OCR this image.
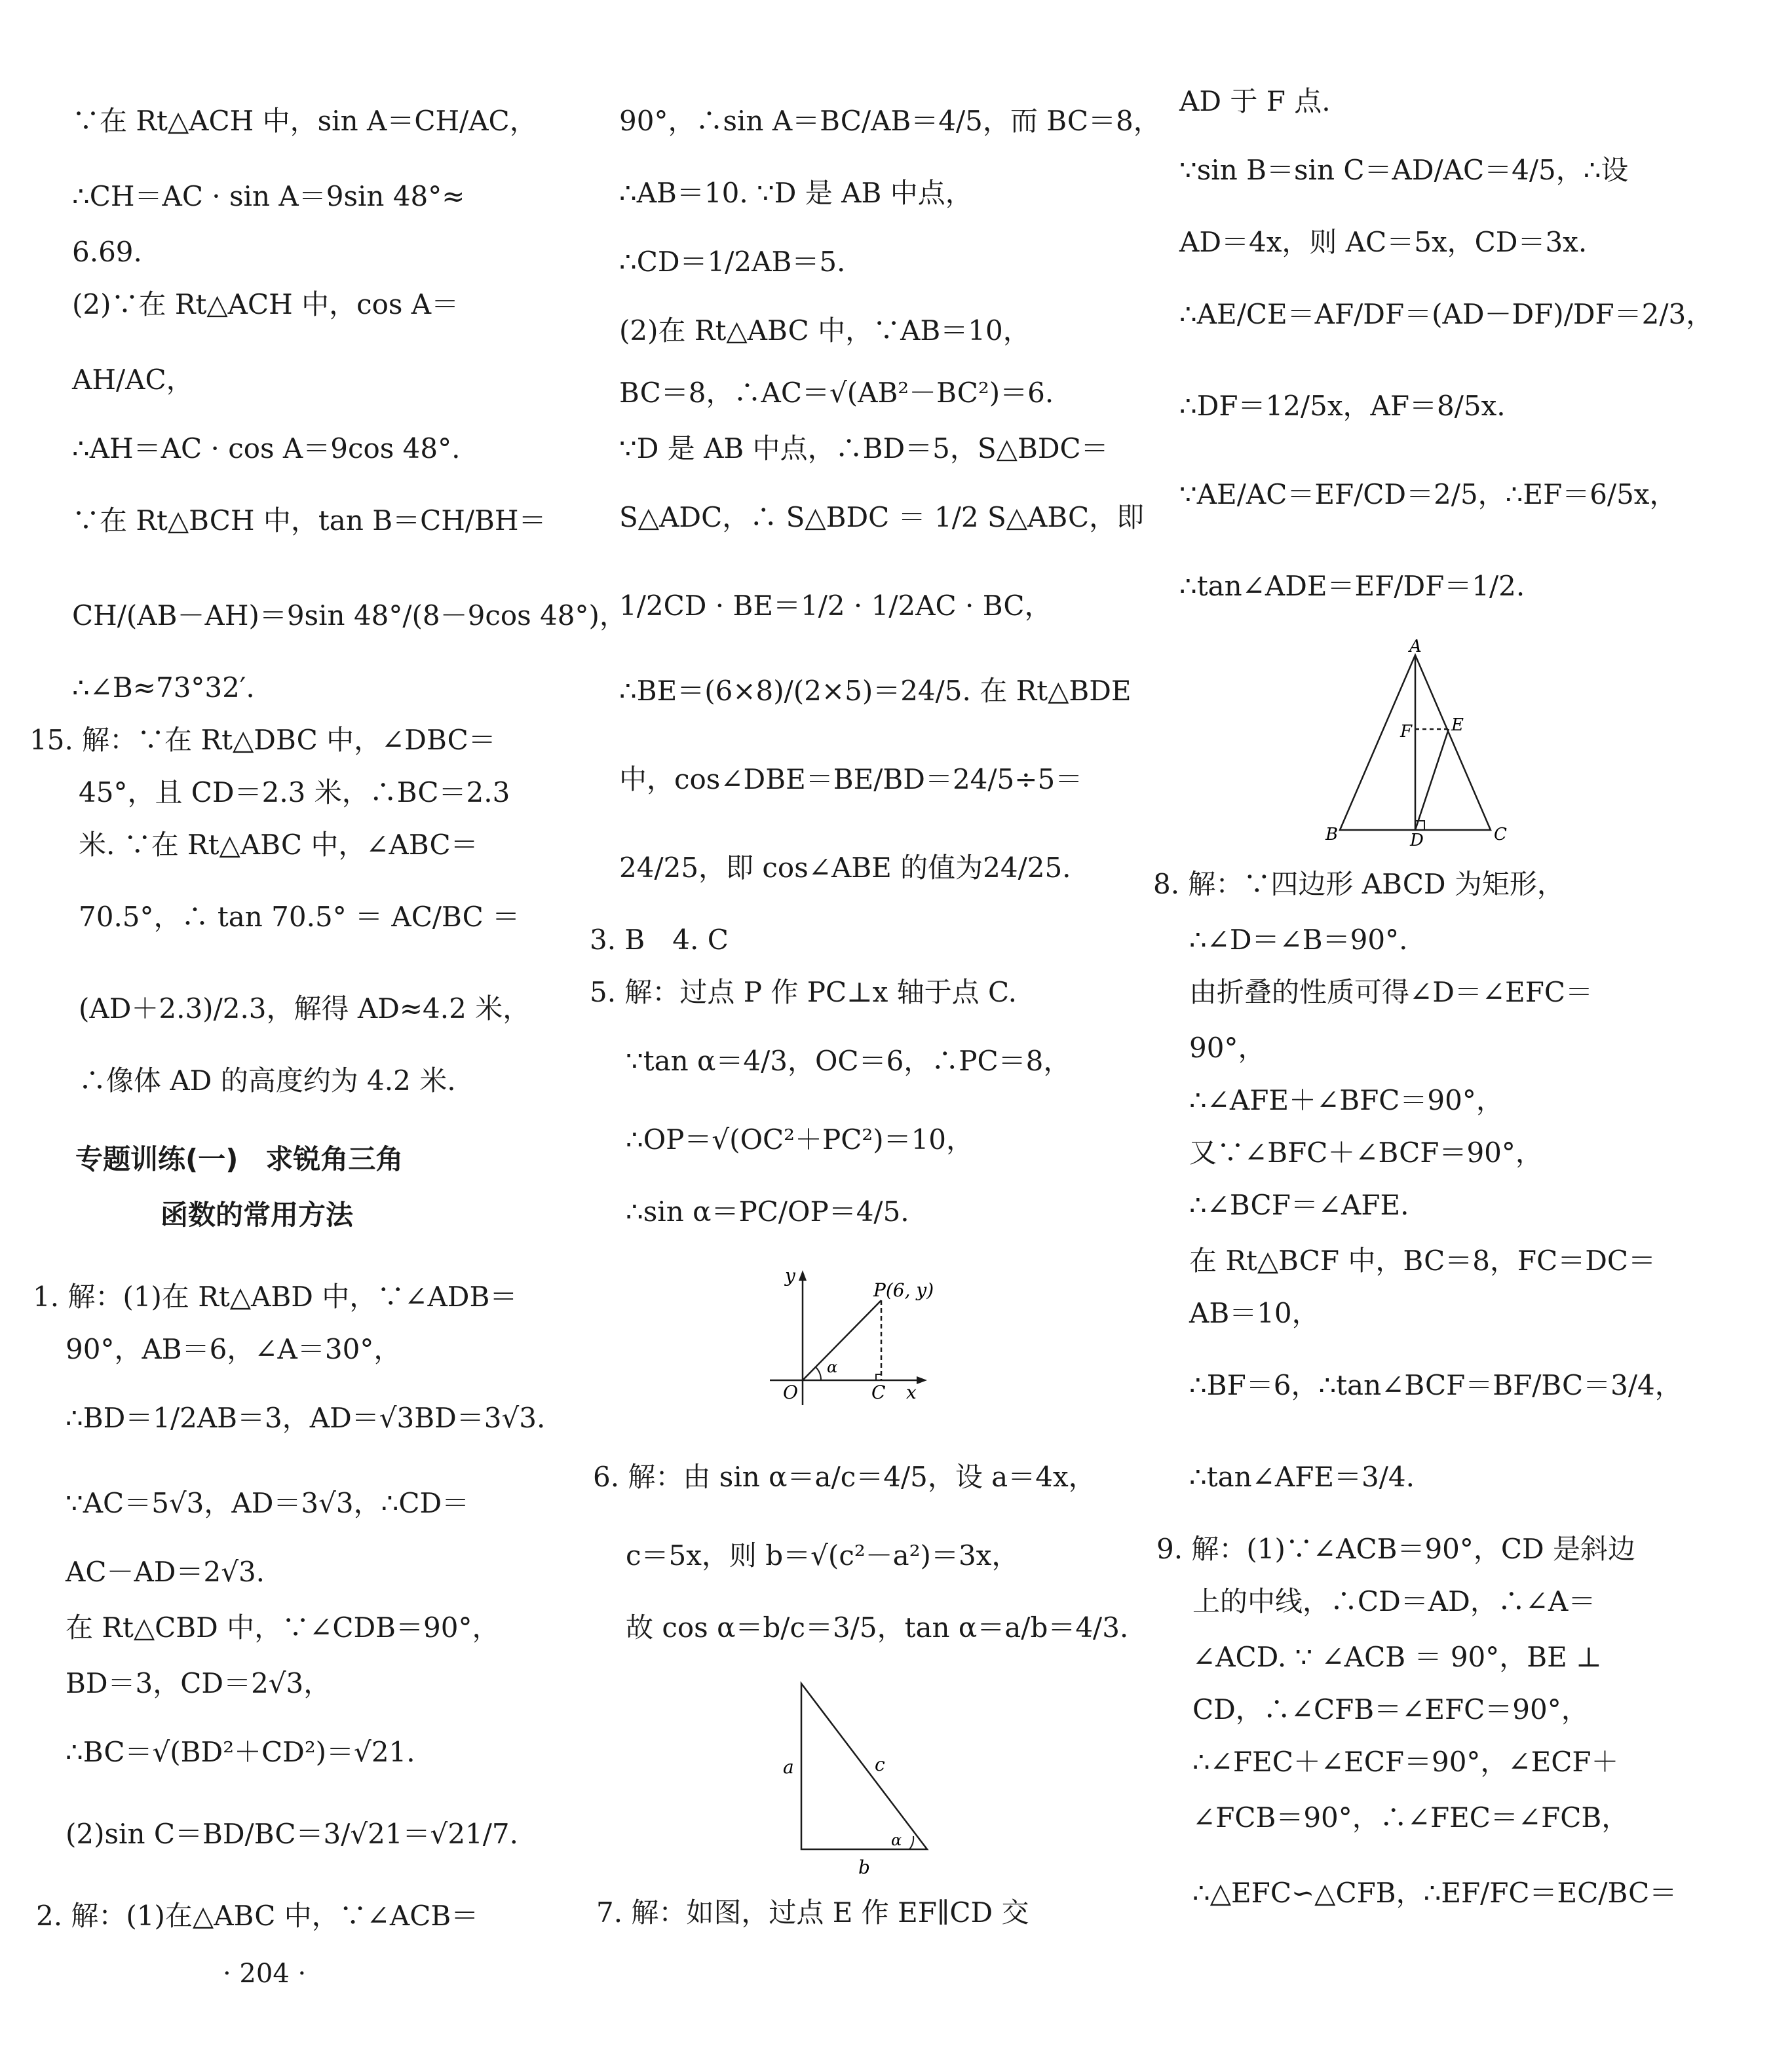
∵在 Rt△ACH 中，sin A＝CH/AC，
∴CH＝AC · sin A＝9sin 48°≈
6.69.
(2)∵在 Rt△ACH 中，cos A＝
AH/AC，
∴AH＝AC · cos A＝9cos 48°.
∵在 Rt△BCH 中，tan B＝CH/BH＝
CH/(AB－AH)＝9sin 48°/(8－9cos 48°)，
∴∠B≈73°32′.
15. 解：∵在 Rt△DBC 中，∠DBC＝
45°，且 CD＝2.3 米，∴BC＝2.3
米. ∵在 Rt△ABC 中，∠ABC＝
70.5°，∴ tan 70.5° ＝ AC/BC ＝
(AD＋2.3)/2.3，解得 AD≈4.2 米，
∴像体 AD 的高度约为 4.2 米.
专题训练(一)　求锐角三角
函数的常用方法
1. 解：(1)在 Rt△ABD 中，∵∠ADB＝
90°，AB＝6，∠A＝30°，
∴BD＝1/2AB＝3，AD＝√3BD＝3√3.
∵AC＝5√3，AD＝3√3，∴CD＝
AC－AD＝2√3.
在 Rt△CBD 中，∵∠CDB＝90°，
BD＝3，CD＝2√3，
∴BC＝√(BD²＋CD²)＝√21.
(2)sin C＝BD/BC＝3/√21＝√21/7.
2. 解：(1)在△ABC 中，∵∠ACB＝
· 204 ·
90°，∴sin A＝BC/AB＝4/5，而 BC＝8，
∴AB＝10. ∵D 是 AB 中点，
∴CD＝1/2AB＝5.
(2)在 Rt△ABC 中，∵AB＝10，
BC＝8，∴AC＝√(AB²－BC²)＝6.
∵D 是 AB 中点，∴BD＝5，S△BDC＝
S△ADC，∴ S△BDC ＝ 1/2 S△ABC，即
1/2CD · BE＝1/2 · 1/2AC · BC，
∴BE＝(6×8)/(2×5)＝24/5. 在 Rt△BDE
中，cos∠DBE＝BE/BD＝24/5÷5＝
24/25，即 cos∠ABE 的值为24/25.
3. B　4. C
5. 解：过点 P 作 PC⊥x 轴于点 C.
∵tan α＝4/3，OC＝6，∴PC＝8，
∴OP＝√(OC²＋PC²)＝10，
∴sin α＝PC/OP＝4/5.
P(6, y)
y
x
O	C
α
6. 解：由 sin α＝a/c＝4/5，设 a＝4x，
c＝5x，则 b＝√(c²－a²)＝3x，
故 cos α＝b/c＝3/5，tan α＝a/b＝4/3.
a
b
c
α
7. 解：如图，过点 E 作 EF∥CD 交
AD 于 F 点.
∵sin B＝sin C＝AD/AC＝4/5，∴设
AD＝4x，则 AC＝5x，CD＝3x.
∴AE/CE＝AF/DF＝(AD－DF)/DF＝2/3，
∴DF＝12/5x，AF＝8/5x.
∵AE/AC＝EF/CD＝2/5，∴EF＝6/5x，
∴tan∠ADE＝EF/DF＝1/2.
A
B	C
D
E
F
8. 解：∵四边形 ABCD 为矩形，
∴∠D＝∠B＝90°.
由折叠的性质可得∠D＝∠EFC＝
90°，
∴∠AFE＋∠BFC＝90°，
又∵∠BFC＋∠BCF＝90°，
∴∠BCF＝∠AFE.
在 Rt△BCF 中，BC＝8，FC＝DC＝
AB＝10，
∴BF＝6，∴tan∠BCF＝BF/BC＝3/4，
∴tan∠AFE＝3/4.
9. 解：(1)∵∠ACB＝90°，CD 是斜边
上的中线，∴CD＝AD，∴∠A＝
∠ACD. ∵ ∠ACB ＝ 90°，BE ⊥
CD，∴∠CFB＝∠EFC＝90°，
∴∠FEC＋∠ECF＝90°，∠ECF＋
∠FCB＝90°，∴∠FEC＝∠FCB，
∴△EFC∽△CFB，∴EF/FC＝EC/BC＝
